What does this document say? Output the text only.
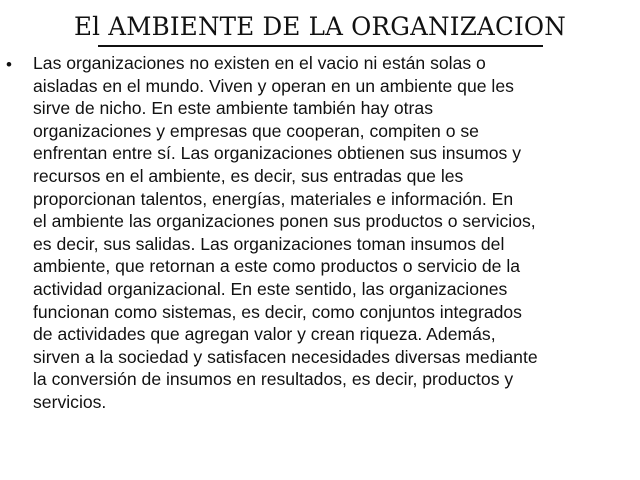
El AMBIENTE DE LA ORGANIZACION
• Las organizaciones no existen en el vacio ni están solas o
aisladas en el mundo. Viven y operan en un ambiente que les
sirve de nicho. En este ambiente también hay otras
organizaciones y empresas que cooperan, compiten o se
enfrentan entre sí. Las organizaciones obtienen sus insumos y
recursos en el ambiente, es decir, sus entradas que les
proporcionan talentos, energías, materiales e información. En
el ambiente las organizaciones ponen sus productos o servicios,
es decir, sus salidas. Las organizaciones toman insumos del
ambiente, que retornan a este como productos o servicio de la
actividad organizacional. En este sentido, las organizaciones
funcionan como sistemas, es decir, como conjuntos integrados
de actividades que agregan valor y crean riqueza. Además,
sirven a la sociedad y satisfacen necesidades diversas mediante
la conversión de insumos en resultados, es decir, productos y
servicios.
